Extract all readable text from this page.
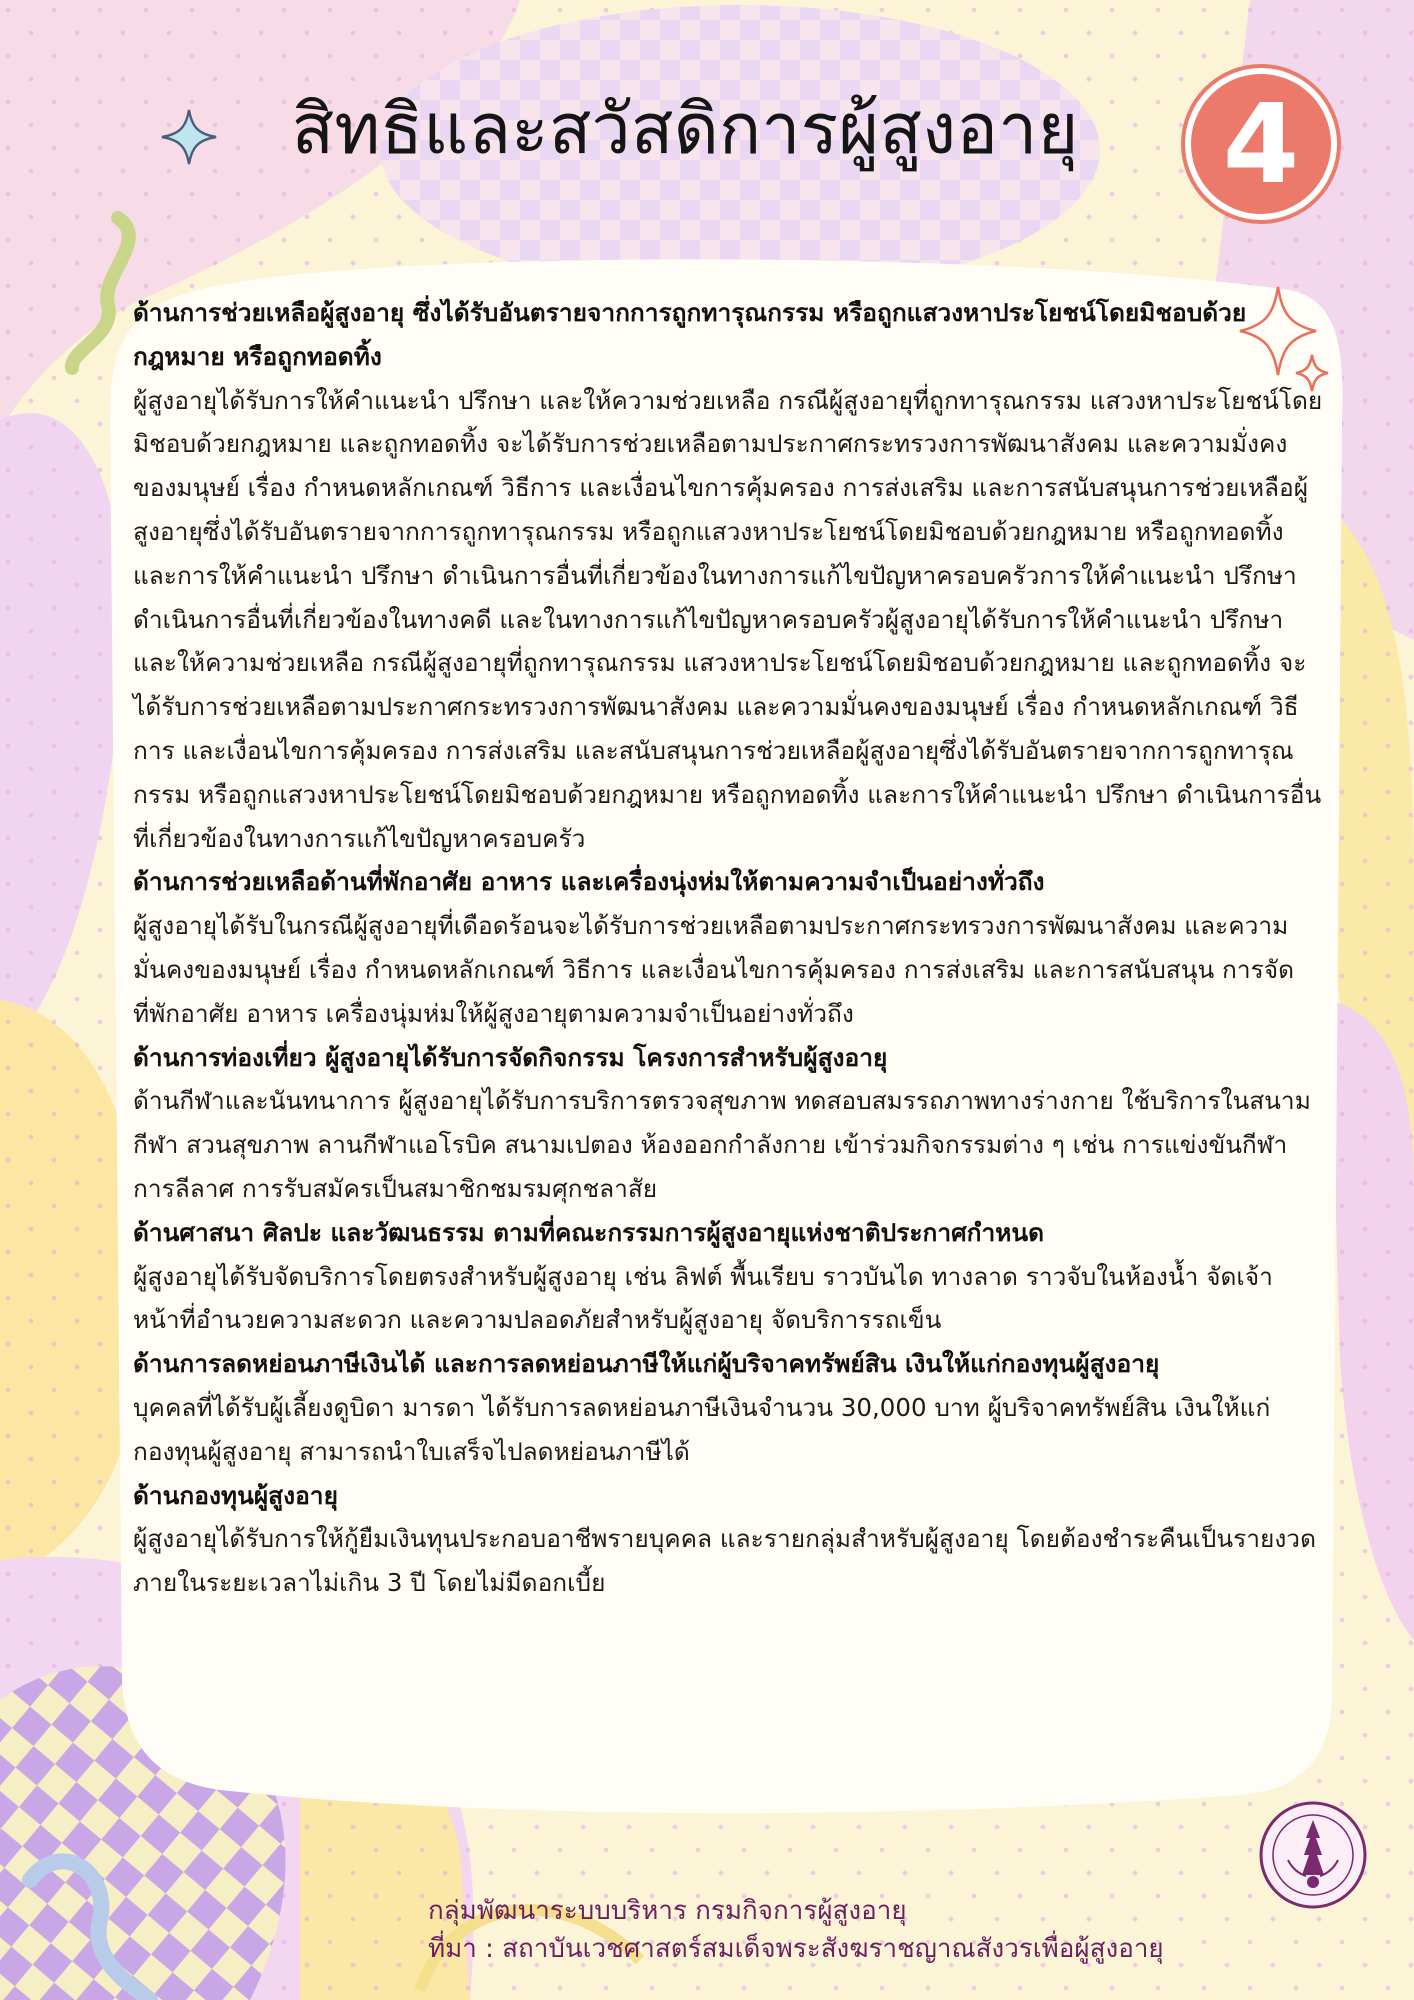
สิทธิและสวัสดิการผู้สูงอายุ	4

ด้านการช่วยเหลือผู้สูงอายุ ซึ่งได้รับอันตรายจากการถูกทารุณกรรม หรือถูกแสวงหาประโยชน์โดยมิชอบด้วยกฎหมาย หรือถูกทอดทิ้ง

ผู้สูงอายุได้รับการให้คำแนะนำ ปรึกษา และให้ความช่วยเหลือ กรณีผู้สูงอายุที่ถูกทารุณกรรม แสวงหาประโยชน์โดยมิชอบด้วยกฎหมาย และถูกทอดทิ้ง จะได้รับการช่วยเหลือตามประกาศกระทรวงการพัฒนาสังคม และความมั่งคงของมนุษย์ เรื่อง กำหนดหลักเกณฑ์ วิธีการ และเงื่อนไขการคุ้มครอง การส่งเสริม และการสนับสนุนการช่วยเหลือผู้สูงอายุซึ่งได้รับอันตรายจากการถูกทารุณกรรม หรือถูกแสวงหาประโยชน์โดยมิชอบด้วยกฎหมาย หรือถูกทอดทิ้ง และการให้คำแนะนำ ปรึกษา ดำเนินการอื่นที่เกี่ยวข้องในทางการแก้ไขปัญหาครอบครัวการให้คำแนะนำ ปรึกษา ดำเนินการอื่นที่เกี่ยวข้องในทางคดี และในทางการแก้ไขปัญหาครอบครัวผู้สูงอายุได้รับการให้คำแนะนำ ปรึกษา และให้ความช่วยเหลือ กรณีผู้สูงอายุที่ถูกทารุณกรรม แสวงหาประโยชน์โดยมิชอบด้วยกฎหมาย และถูกทอดทิ้ง จะได้รับการช่วยเหลือตามประกาศกระทรวงการพัฒนาสังคม และความมั่นคงของมนุษย์ เรื่อง กำหนดหลักเกณฑ์ วิธีการ และเงื่อนไขการคุ้มครอง การส่งเสริม และสนับสนุนการช่วยเหลือผู้สูงอายุซึ่งได้รับอันตรายจากการถูกทารุณกรรม หรือถูกแสวงหาประโยชน์โดยมิชอบด้วยกฎหมาย หรือถูกทอดทิ้ง และการให้คำแนะนำ ปรึกษา ดำเนินการอื่นที่เกี่ยวข้องในทางการแก้ไขปัญหาครอบครัว

ด้านการช่วยเหลือด้านที่พักอาศัย อาหาร และเครื่องนุ่งห่มให้ตามความจำเป็นอย่างทั่วถึง

ผู้สูงอายุได้รับในกรณีผู้สูงอายุที่เดือดร้อนจะได้รับการช่วยเหลือตามประกาศกระทรวงการพัฒนาสังคม และความมั่นคงของมนุษย์ เรื่อง กำหนดหลักเกณฑ์ วิธีการ และเงื่อนไขการคุ้มครอง การส่งเสริม และการสนับสนุน การจัดที่พักอาศัย อาหาร เครื่องนุ่มห่มให้ผู้สูงอายุตามความจำเป็นอย่างทั่วถึง

ด้านการท่องเที่ยว ผู้สูงอายุได้รับการจัดกิจกรรม โครงการสำหรับผู้สูงอายุ

ด้านกีฬาและนันทนาการ ผู้สูงอายุได้รับการบริการตรวจสุขภาพ ทดสอบสมรรถภาพทางร่างกาย ใช้บริการในสนามกีฬา สวนสุขภาพ ลานกีฬาแอโรบิค สนามเปตอง ห้องออกกำลังกาย เข้าร่วมกิจกรรมต่าง ๆ เช่น การแข่งขันกีฬา การลีลาศ การรับสมัครเป็นสมาชิกชมรมศุกชลาสัย

ด้านศาสนา ศิลปะ และวัฒนธรรม ตามที่คณะกรรมการผู้สูงอายุแห่งชาติประกาศกำหนด

ผู้สูงอายุได้รับจัดบริการโดยตรงสำหรับผู้สูงอายุ เช่น ลิฟต์ พื้นเรียบ ราวบันได ทางลาด ราวจับในห้องน้ำ จัดเจ้าหน้าที่อำนวยความสะดวก และความปลอดภัยสำหรับผู้สูงอายุ จัดบริการรถเข็น

ด้านการลดหย่อนภาษีเงินได้ และการลดหย่อนภาษีให้แก่ผู้บริจาคทรัพย์สิน เงินให้แก่กองทุนผู้สูงอายุ

บุคคลที่ได้รับผู้เลี้ยงดูบิดา มารดา ได้รับการลดหย่อนภาษีเงินจำนวน 30,000 บาท ผู้บริจาคทรัพย์สิน เงินให้แก่กองทุนผู้สูงอายุ สามารถนำใบเสร็จไปลดหย่อนภาษีได้

ด้านกองทุนผู้สูงอายุ

ผู้สูงอายุได้รับการให้กู้ยืมเงินทุนประกอบอาชีพรายบุคคล และรายกลุ่มสำหรับผู้สูงอายุ โดยต้องชำระคืนเป็นรายงวด ภายในระยะเวลาไม่เกิน 3 ปี โดยไม่มีดอกเบี้ย

กลุ่มพัฒนาระบบบริหาร กรมกิจการผู้สูงอายุ
ที่มา : สถาบันเวชศาสตร์สมเด็จพระสังฆราชญาณสังวรเพื่อผู้สูงอายุ
